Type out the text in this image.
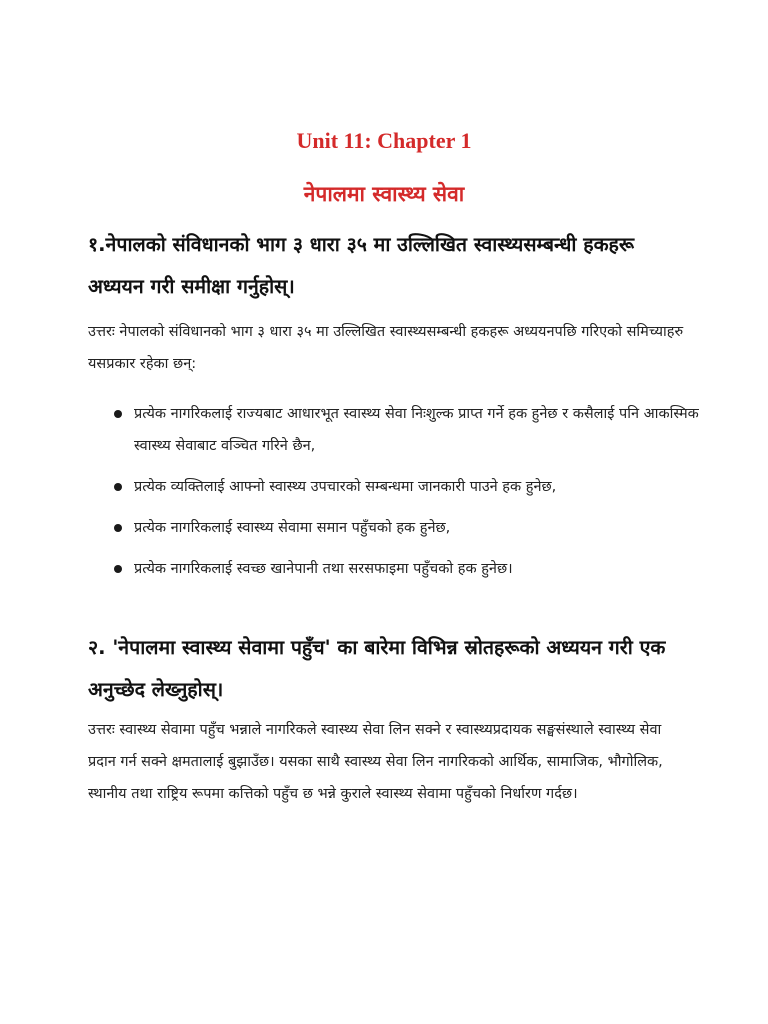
Unit 11: Chapter 1
नेपालमा स्वास्थ्य सेवा
१.नेपालको संविधानको भाग ३ धारा ३५ मा उल्लिखित स्वास्थ्यसम्बन्धी हकहरू अध्ययन गरी समीक्षा गर्नुहोस्।
उत्तरः नेपालको संविधानको भाग ३ धारा ३५ मा उल्लिखित स्वास्थ्यसम्बन्धी हकहरू अध्ययनपछि गरिएको समिच्याहरु यसप्रकार रहेका छन्:
प्रत्येक नागरिकलाई राज्यबाट आधारभूत स्वास्थ्य सेवा निःशुल्क प्राप्त गर्ने हक हुनेछ र कसैलाई पनि आकस्मिक स्वास्थ्य सेवाबाट वञ्चित गरिने छैन,
प्रत्येक व्यक्तिलाई आफ्नो स्वास्थ्य उपचारको सम्बन्धमा जानकारी पाउने हक हुनेछ,
प्रत्येक नागरिकलाई स्वास्थ्य सेवामा समान पहुँचको हक हुनेछ,
प्रत्येक नागरिकलाई स्वच्छ खानेपानी तथा सरसफाइमा पहुँचको हक हुनेछ।
२. 'नेपालमा स्वास्थ्य सेवामा पहुँच' का बारेमा विभिन्न स्रोतहरूको अध्ययन गरी एक अनुच्छेद लेख्नुहोस्।
उत्तरः स्वास्थ्य सेवामा पहुँच भन्नाले नागरिकले स्वास्थ्य सेवा लिन सक्ने र स्वास्थ्यप्रदायक सङ्घसंस्थाले स्वास्थ्य सेवा प्रदान गर्न सक्ने क्षमतालाई बुझाउँछ। यसका साथै स्वास्थ्य सेवा लिन नागरिकको आर्थिक, सामाजिक, भौगोलिक, स्थानीय तथा राष्ट्रिय रूपमा कत्तिको पहुँच छ भन्ने कुराले स्वास्थ्य सेवामा पहुँचको निर्धारण गर्दछ।
